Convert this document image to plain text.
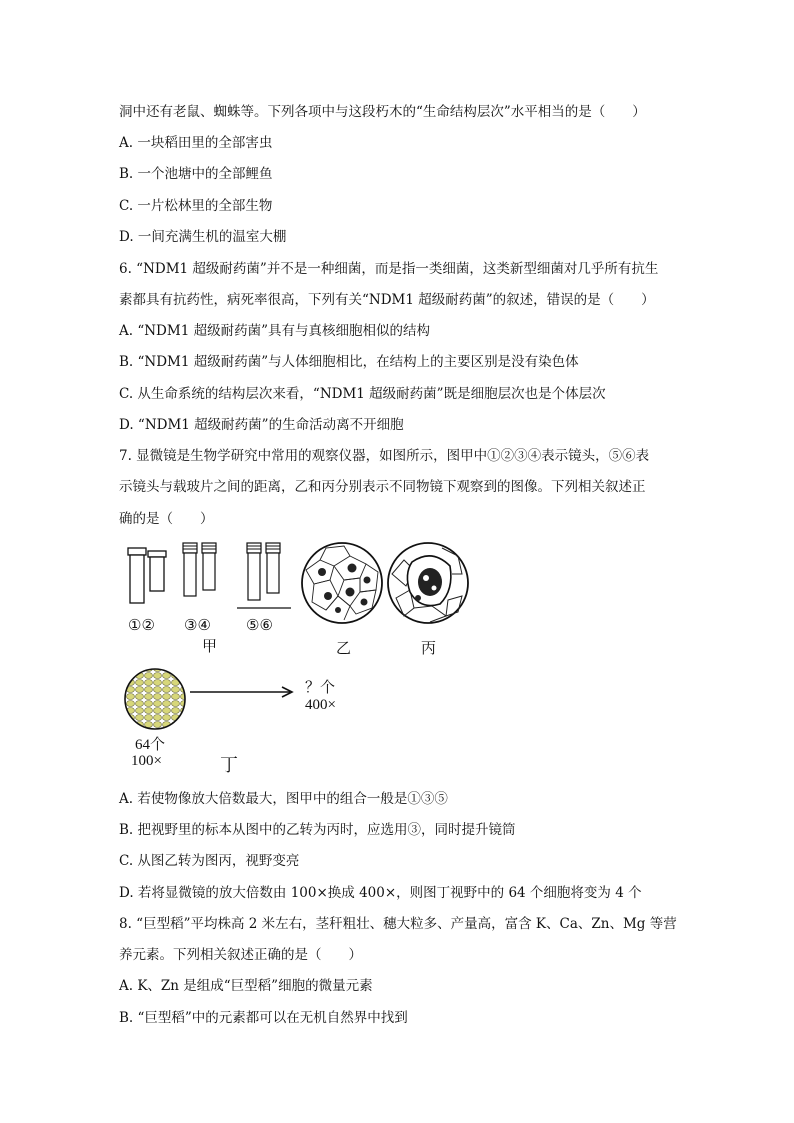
洞中还有老鼠、蜘蛛等。下列各项中与这段朽木的“生命结构层次”水平相当的是（　　）
A. 一块稻田里的全部害虫
B. 一个池塘中的全部鲤鱼
C. 一片松林里的全部生物
D. 一间充满生机的温室大棚
6. “NDM1 超级耐药菌”并不是一种细菌，而是指一类细菌，这类新型细菌对几乎所有抗生
素都具有抗药性，病死率很高，下列有关“NDM1 超级耐药菌”的叙述，错误的是（　　）
A. “NDM1 超级耐药菌”具有与真核细胞相似的结构
B. “NDM1 超级耐药菌”与人体细胞相比，在结构上的主要区别是没有染色体
C. 从生命系统的结构层次来看，“NDM1 超级耐药菌”既是细胞层次也是个体层次
D. “NDM1 超级耐药菌”的生命活动离不开细胞
7. 显微镜是生物学研究中常用的观察仪器，如图所示，图甲中①②③④表示镜头，⑤⑥表
示镜头与载玻片之间的距离，乙和丙分别表示不同物镜下观察到的图像。下列相关叙述正
确的是（　　）
①② ③④ ⑤⑥
甲	乙	丙
？个
400×
64个
100×	丁
A. 若使物像放大倍数最大，图甲中的组合一般是①③⑤
B. 把视野里的标本从图中的乙转为丙时，应选用③，同时提升镜筒
C. 从图乙转为图丙，视野变亮
D. 若将显微镜的放大倍数由 100×换成 400×，则图丁视野中的 64 个细胞将变为 4 个
8. “巨型稻”平均株高 2 米左右，茎秆粗壮、穗大粒多、产量高，富含 K、Ca、Zn、Mg 等营
养元素。下列相关叙述正确的是（　　）
A. K、Zn 是组成“巨型稻”细胞的微量元素
B. “巨型稻”中的元素都可以在无机自然界中找到
